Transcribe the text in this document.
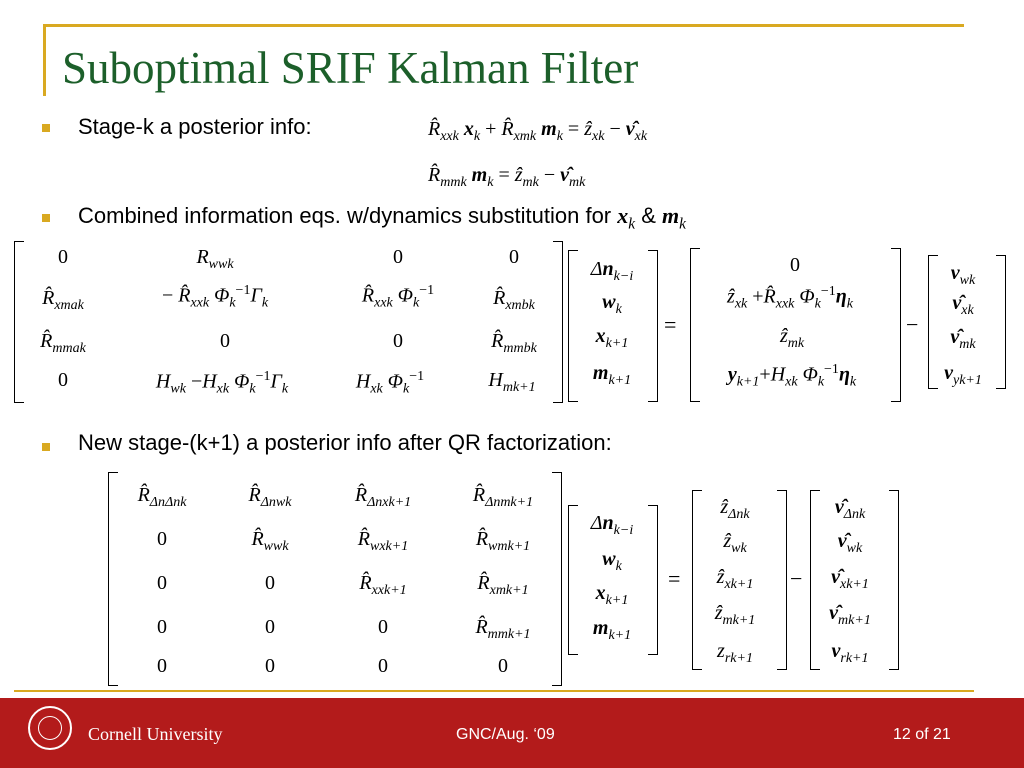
Suboptimal SRIF Kalman Filter
Stage-k a posterior info:	$R̂_{xxk}$ $x_k$ + $R̂_{xmk}$ $m_k$ = ẑ$_{xk}$ − $\nû_{xk}$
$R̂_{mmk}$ $m_k$ = ẑ$_{mk}$ − $\nû_{mk}$
Combined information eqs. w/dynamics substitution for $x_k$ & $m_k$
0	$R_{wwk}$	0	0
$R̂_{xmak}$	− $R̂_{xxk}$ $\Phi_k^{-1}\Gamma_k$	$R̂_{xxk}$ $\Phi_k^{-1}$	$R̂_{xmbk}$
$R̂_{mmak}$	0	0	$R̂_{mmbk}$
0	$H_{wk} -H_{xk}$ $\Phi_k^{-1}\Gamma_k$	$H_{xk}$ $\Phi_k^{-1}$	$H_{mk+1}$
$\Delta n_{k-i}$
$w_k$
$x_{k+1}$
$m_{k+1}$
=
0
ẑ$_{xk}$ $+R̂_{xxk}$ $\Phi_k^{-1}\eta_k$
ẑ$_{mk}$
$y_{k+1}+H_{xk}$ $\Phi_k^{-1}\eta_k$
−
$\nu_{wk}$
$\nû_{xk}$
$\nû_{mk}$
$\nu_{yk+1}$
New stage-(k+1) a posterior info after QR factorization:
$R̂_{\Delta n\Delta nk}$	$R̂_{\Delta nwk}$	$R̂_{\Delta nxk+1}$	$R̂_{\Delta nmk+1}$
0	$R̂_{wwk}$	$R̂_{wxk+1}$	$R̂_{wmk+1}$
0	0	$R̂_{xxk+1}$	$R̂_{xmk+1}$
0	0	0	$R̂_{mmk+1}$
0	0	0	0
$\Delta n_{k-i}$
$w_k$
$x_{k+1}$
$m_{k+1}$
=
ẑ$_{\Delta nk}$
ẑ$_{wk}$
ẑ$_{xk+1}$
ẑ$_{mk+1}$
$z_{rk+1}$
−
$\nû_{\Delta nk}$
$\nû_{wk}$
$\nû_{xk+1}$
$\nû_{mk+1}$
$\nu_{rk+1}$
Cornell University	GNC/Aug. ‘09	12 of 21
